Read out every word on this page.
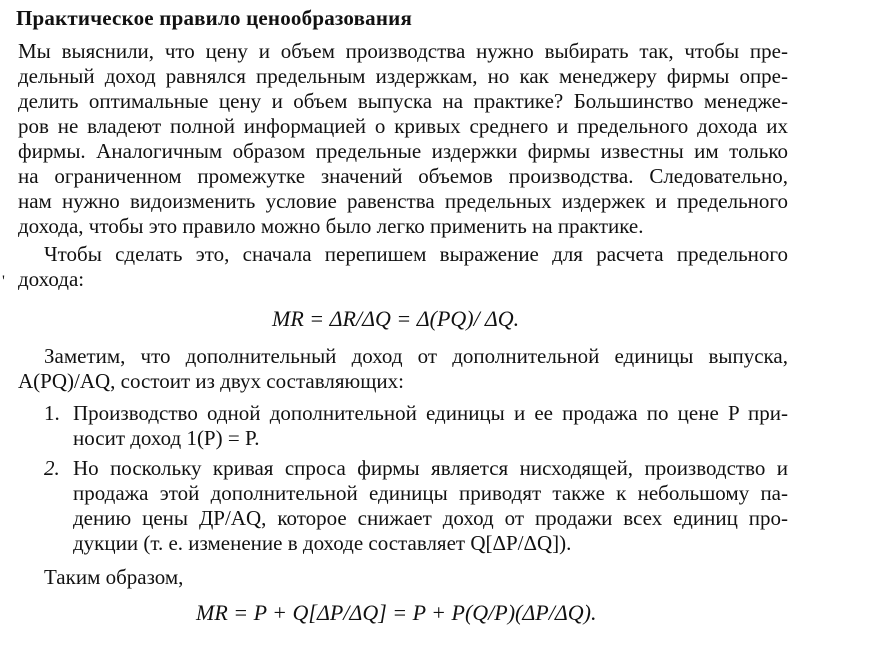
Практическое правило ценообразования
Мы выяснили, что цену и объем производства нужно выбирать так, чтобы пре-
дельный доход равнялся предельным издержкам, но как менеджеру фирмы опре-
делить оптимальные цену и объем выпуска на практике? Большинство менедже-
ров не владеют полной информацией о кривых среднего и предельного дохода их
фирмы. Аналогичным образом предельные издержки фирмы известны им только
на ограниченном промежутке значений объемов производства. Следовательно,
нам нужно видоизменить условие равенства предельных издержек и предельного
дохода, чтобы это правило можно было легко применить на практике.
Чтобы сделать это, сначала перепишем выражение для расчета предельного
' дохода:
MR = ΔR/ΔQ = Δ(PQ)/ ΔQ.
Заметим, что дополнительный доход от дополнительной единицы выпуска,
A(PQ)/AQ, состоит из двух составляющих:
1. Производство одной дополнительной единицы и ее продажа по цене P при-
носит доход 1(P) = P.
2. Но поскольку кривая спроса фирмы является нисходящей, производство и
продажа этой дополнительной единицы приводят также к небольшому па-
дению цены ДР/AQ, которое снижает доход от продажи всех единиц про-
дукции (т. е. изменение в доходе составляет Q[ΔP/ΔQ]).
Таким образом,
MR = P + Q[ΔP/ΔQ] = P + P(Q/P)(ΔP/ΔQ).
